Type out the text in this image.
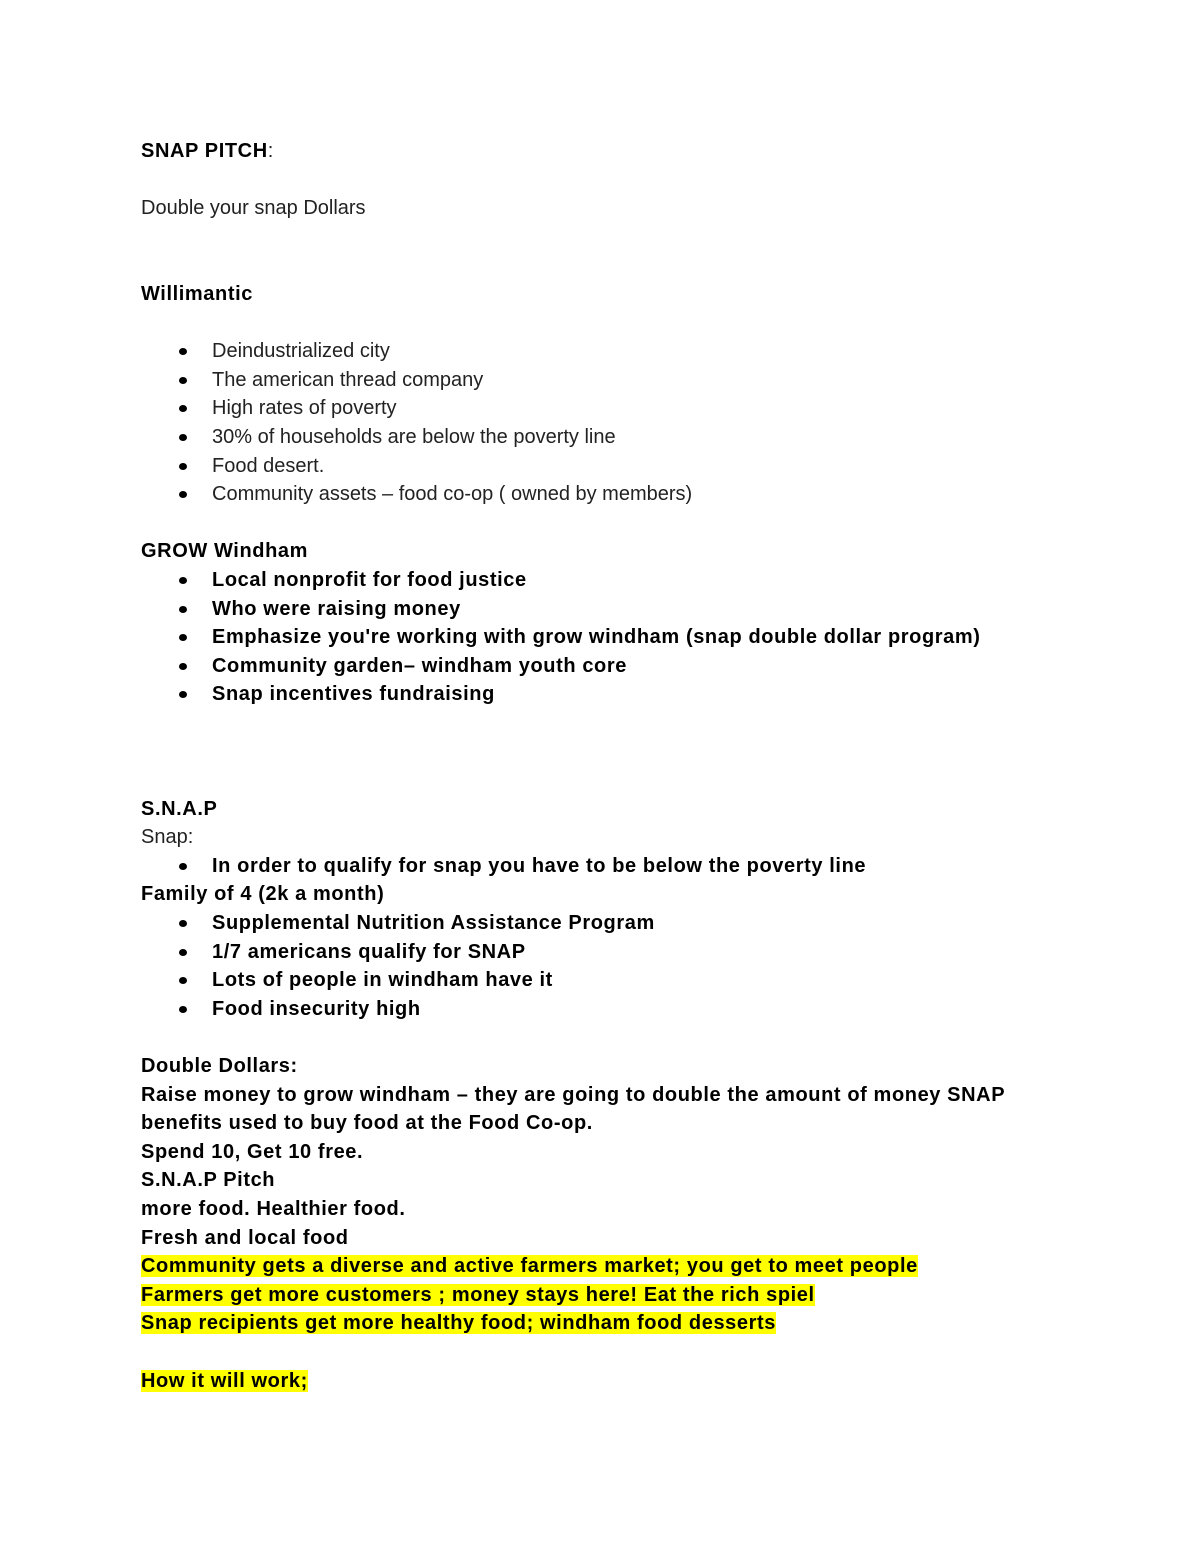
SNAP PITCH:
Double your snap Dollars
Willimantic
Deindustrialized city
The american thread company
High rates of poverty
30% of households are below the poverty line
Food desert.
Community assets – food co-op ( owned by members)
GROW Windham
Local nonprofit for food justice
Who were raising money
Emphasize you're working with grow windham (snap double dollar program)
Community garden– windham youth core
Snap incentives fundraising
S.N.A.P
Snap:
In order to qualify for snap you have to be below the poverty line
Family of 4 (2k a month)
Supplemental Nutrition Assistance Program
1/7 americans qualify for SNAP
Lots of people in windham have it
Food insecurity high
Double Dollars:
Raise money to grow windham – they are going to double the amount of money SNAP
benefits used to buy food at the Food Co-op.
Spend 10, Get 10 free.
S.N.A.P Pitch
more food. Healthier food.
Fresh and local food
Community gets a diverse and active farmers market; you get to meet people
Farmers get more customers ; money stays here! Eat the rich spiel
Snap recipients get more healthy food; windham food desserts
How it will work;
